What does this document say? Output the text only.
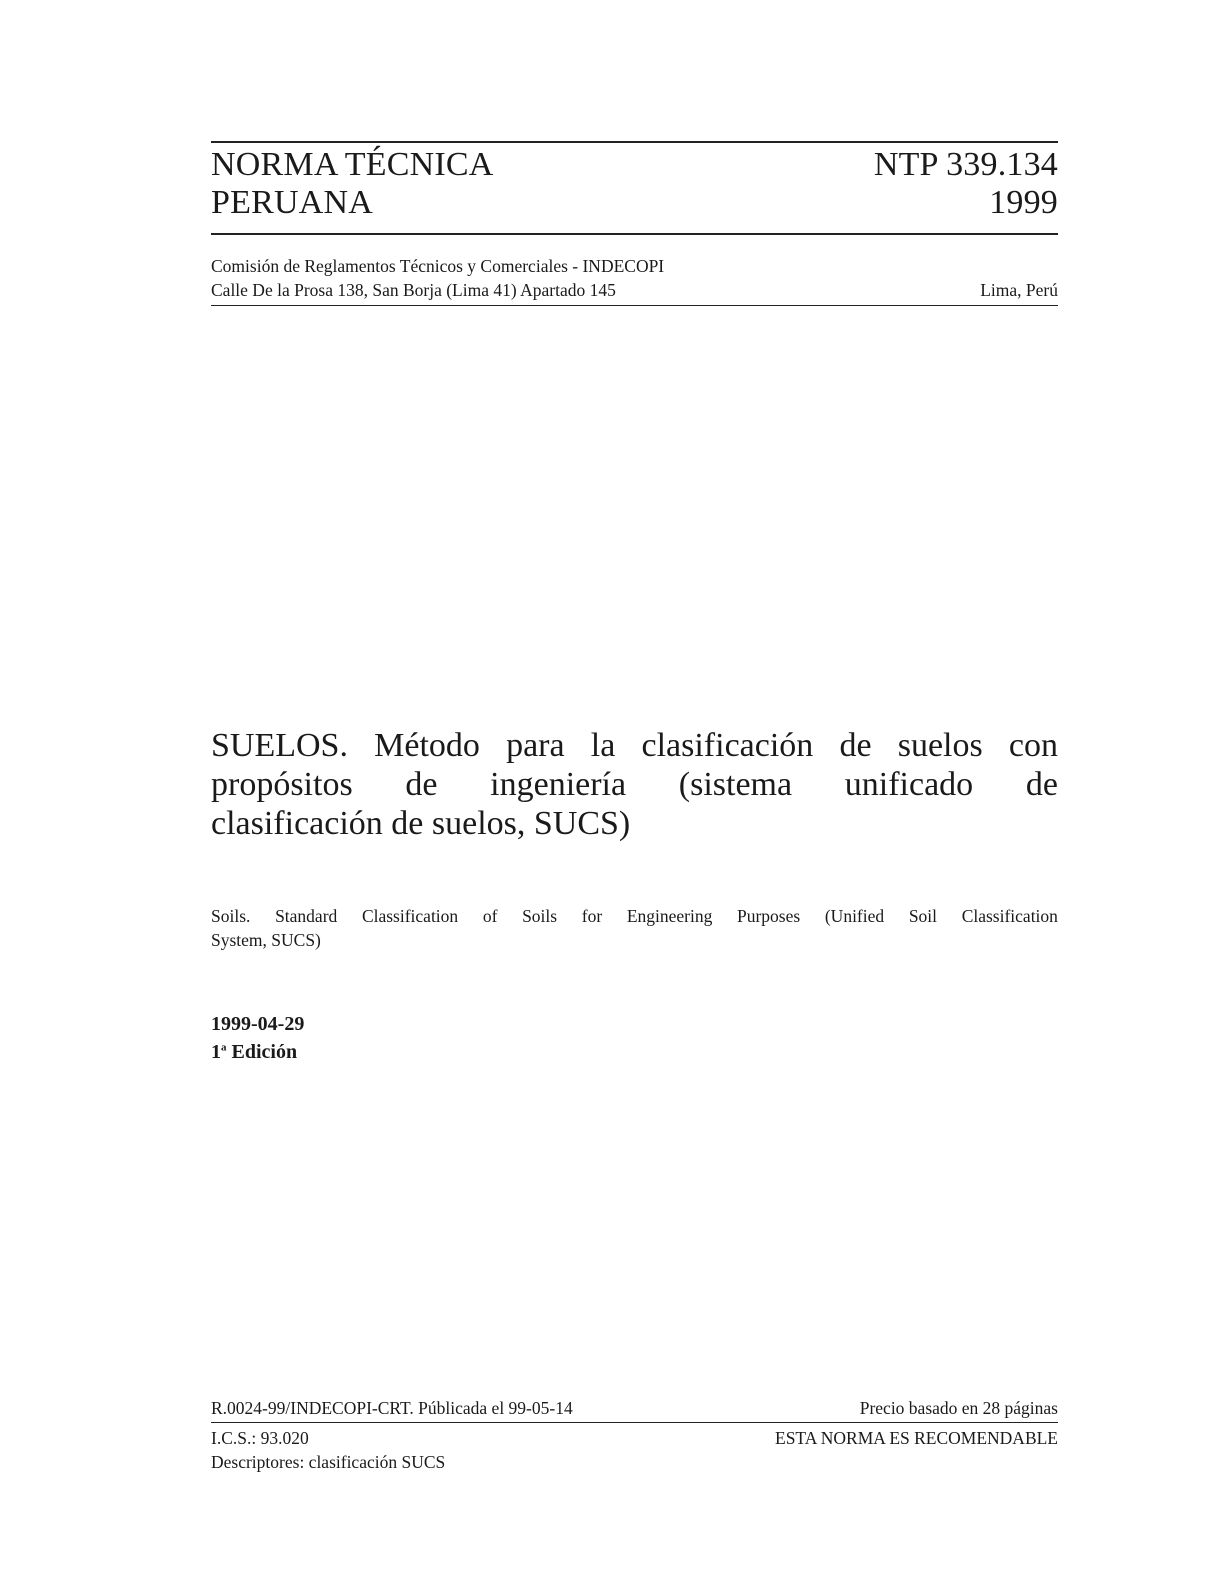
NORMA TÉCNICA
PERUANA
NTP 339.134
1999
Comisión de Reglamentos Técnicos y Comerciales - INDECOPI
Calle De la Prosa 138, San Borja (Lima 41) Apartado 145	Lima, Perú
SUELOS. Método para la clasificación de suelos con
propósitos de ingeniería (sistema unificado de
clasificación de suelos, SUCS)
Soils. Standard Classification of Soils for Engineering Purposes (Unified Soil Classification
System, SUCS)
1999-04-29
1$^a$ Edición
R.0024-99/INDECOPI-CRT. Públicada el 99-05-14	Precio basado en 28 páginas
I.C.S.: 93.020	ESTA NORMA ES RECOMENDABLE
Descriptores: clasificación SUCS
